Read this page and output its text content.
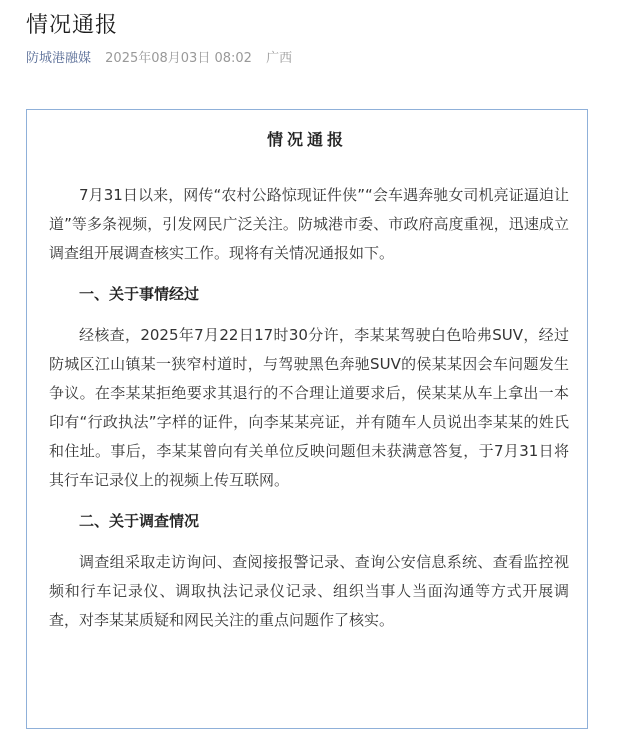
情况通报
防城港融媒 2025年08月03日 08:02 广西
情况通报

7月31日以来，网传“农村公路惊现证件侠”“会车遇奔驰女司机亮证逼迫让道”等多条视频，引发网民广泛关注。防城港市委、市政府高度重视，迅速成立调查组开展调查核实工作。现将有关情况通报如下。

一、关于事情经过

经核查，2025年7月22日17时30分许，李某某驾驶白色哈弗SUV，经过防城区江山镇某一狭窄村道时，与驾驶黑色奔驰SUV的侯某某因会车问题发生争议。在李某某拒绝要求其退行的不合理让道要求后，侯某某从车上拿出一本印有“行政执法”字样的证件，向李某某亮证，并有随车人员说出李某某的姓氏和住址。事后，李某某曾向有关单位反映问题但未获满意答复，于7月31日将其行车记录仪上的视频上传互联网。

二、关于调查情况

调查组采取走访询问、查阅接报警记录、查询公安信息系统、查看监控视频和行车记录仪、调取执法记录仪记录、组织当事人当面沟通等方式开展调查，对李某某质疑和网民关注的重点问题作了核实。
